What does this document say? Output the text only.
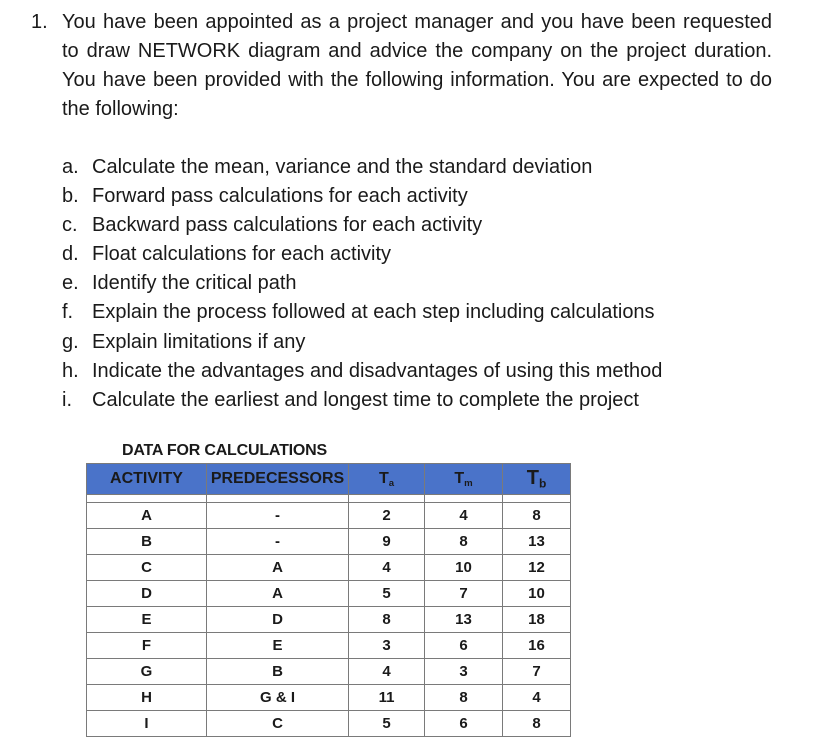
1. You have been appointed as a project manager and you have been requested to draw NETWORK diagram and advice the company on the project duration. You have been provided with the following information. You are expected to do the following:
a. Calculate the mean, variance and the standard deviation
b. Forward pass calculations for each activity
c. Backward pass calculations for each activity
d. Float calculations for each activity
e. Identify the critical path
f. Explain the process followed at each step including calculations
g. Explain limitations if any
h. Indicate the advantages and disadvantages of using this method
i. Calculate the earliest and longest time to complete the project
DATA FOR CALCULATIONS
ACTIVITY	PREDECESSORS	$T_a$	$T_m$	$T_b$

A	-	2	4	8
B	-	9	8	13
C	A	4	10	12
D	A	5	7	10
E	D	8	13	18
F	E	3	6	16
G	B	4	3	7
H	G & I	11	8	4
I	C	5	6	8
